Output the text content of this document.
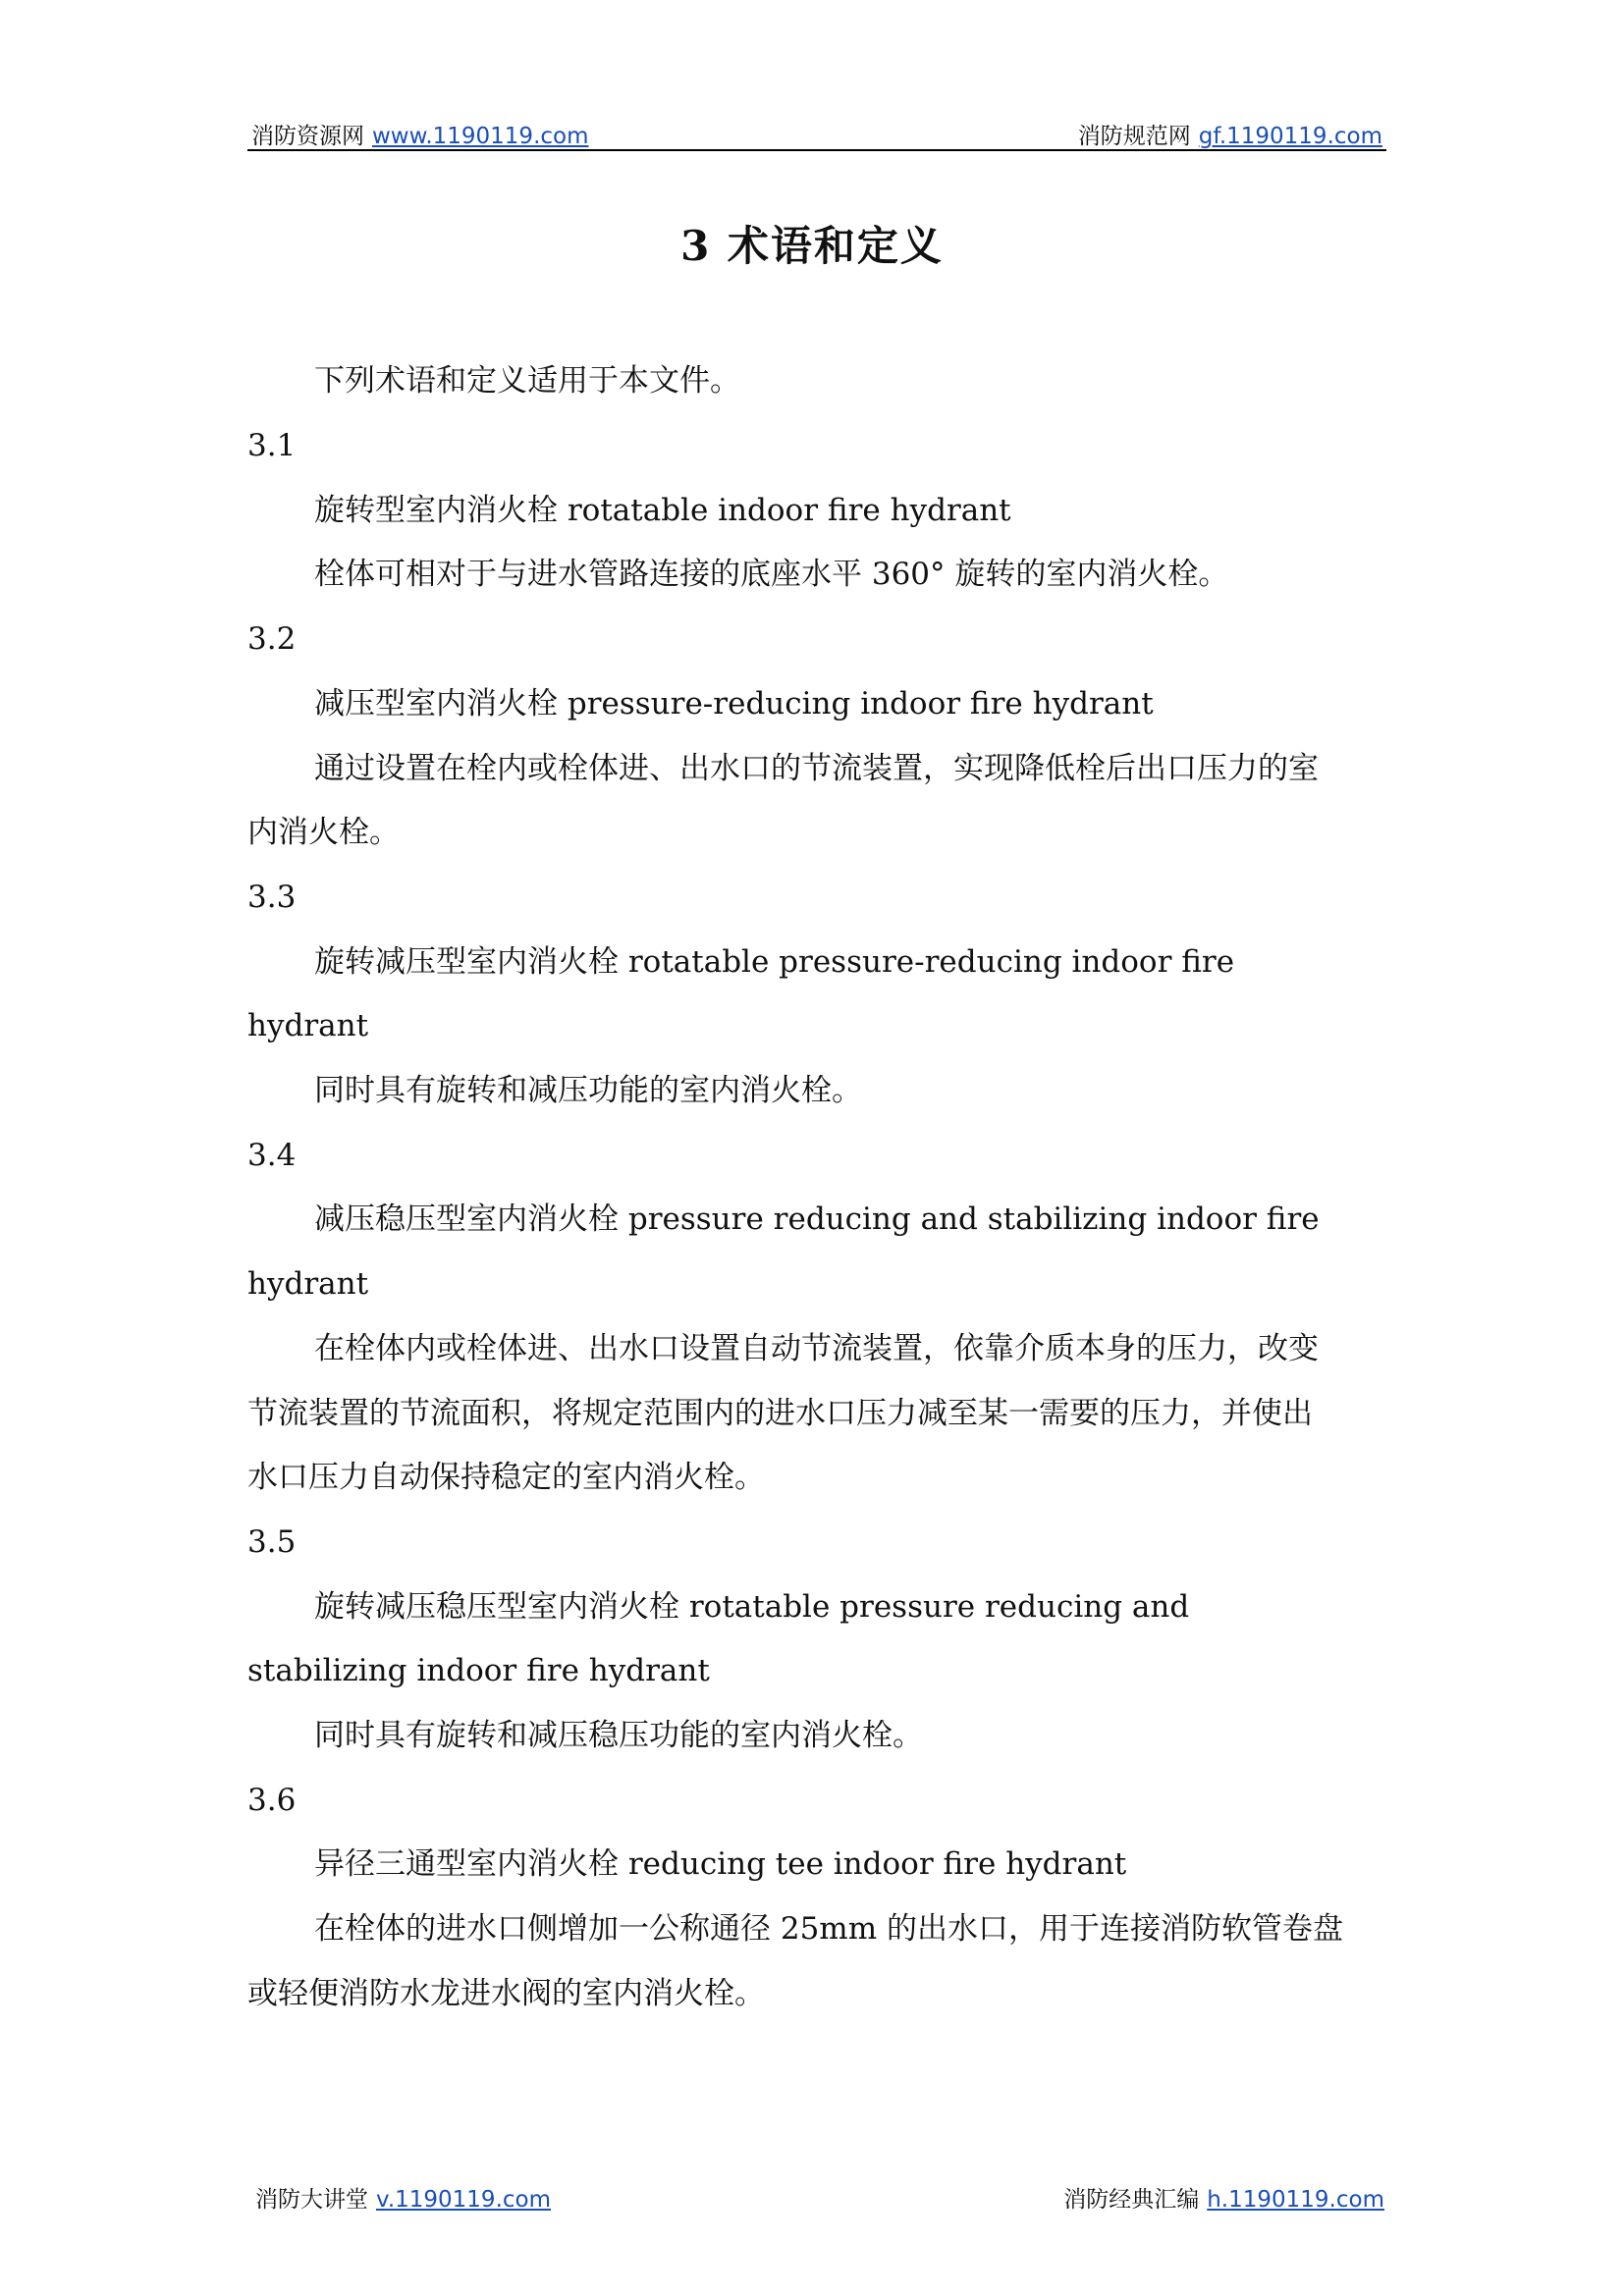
消防资源网 www.1190119.com	消防规范网 gf.1190119.com
3 术语和定义
下列术语和定义适用于本文件。
3.1
旋转型室内消火栓 rotatable indoor fire hydrant
栓体可相对于与进水管路连接的底座水平 360° 旋转的室内消火栓。
3.2
减压型室内消火栓 pressure-reducing indoor fire hydrant
通过设置在栓内或栓体进、出水口的节流装置，实现降低栓后出口压力的室
内消火栓。
3.3
旋转减压型室内消火栓 rotatable pressure-reducing indoor fire
hydrant
同时具有旋转和减压功能的室内消火栓。
3.4
减压稳压型室内消火栓 pressure reducing and stabilizing indoor fire
hydrant
在栓体内或栓体进、出水口设置自动节流装置，依靠介质本身的压力，改变
节流装置的节流面积，将规定范围内的进水口压力减至某一需要的压力，并使出
水口压力自动保持稳定的室内消火栓。
3.5
旋转减压稳压型室内消火栓 rotatable pressure reducing and
stabilizing indoor fire hydrant
同时具有旋转和减压稳压功能的室内消火栓。
3.6
异径三通型室内消火栓 reducing tee indoor fire hydrant
在栓体的进水口侧增加一公称通径 25mm 的出水口，用于连接消防软管卷盘
或轻便消防水龙进水阀的室内消火栓。
消防大讲堂 v.1190119.com	消防经典汇编 h.1190119.com
